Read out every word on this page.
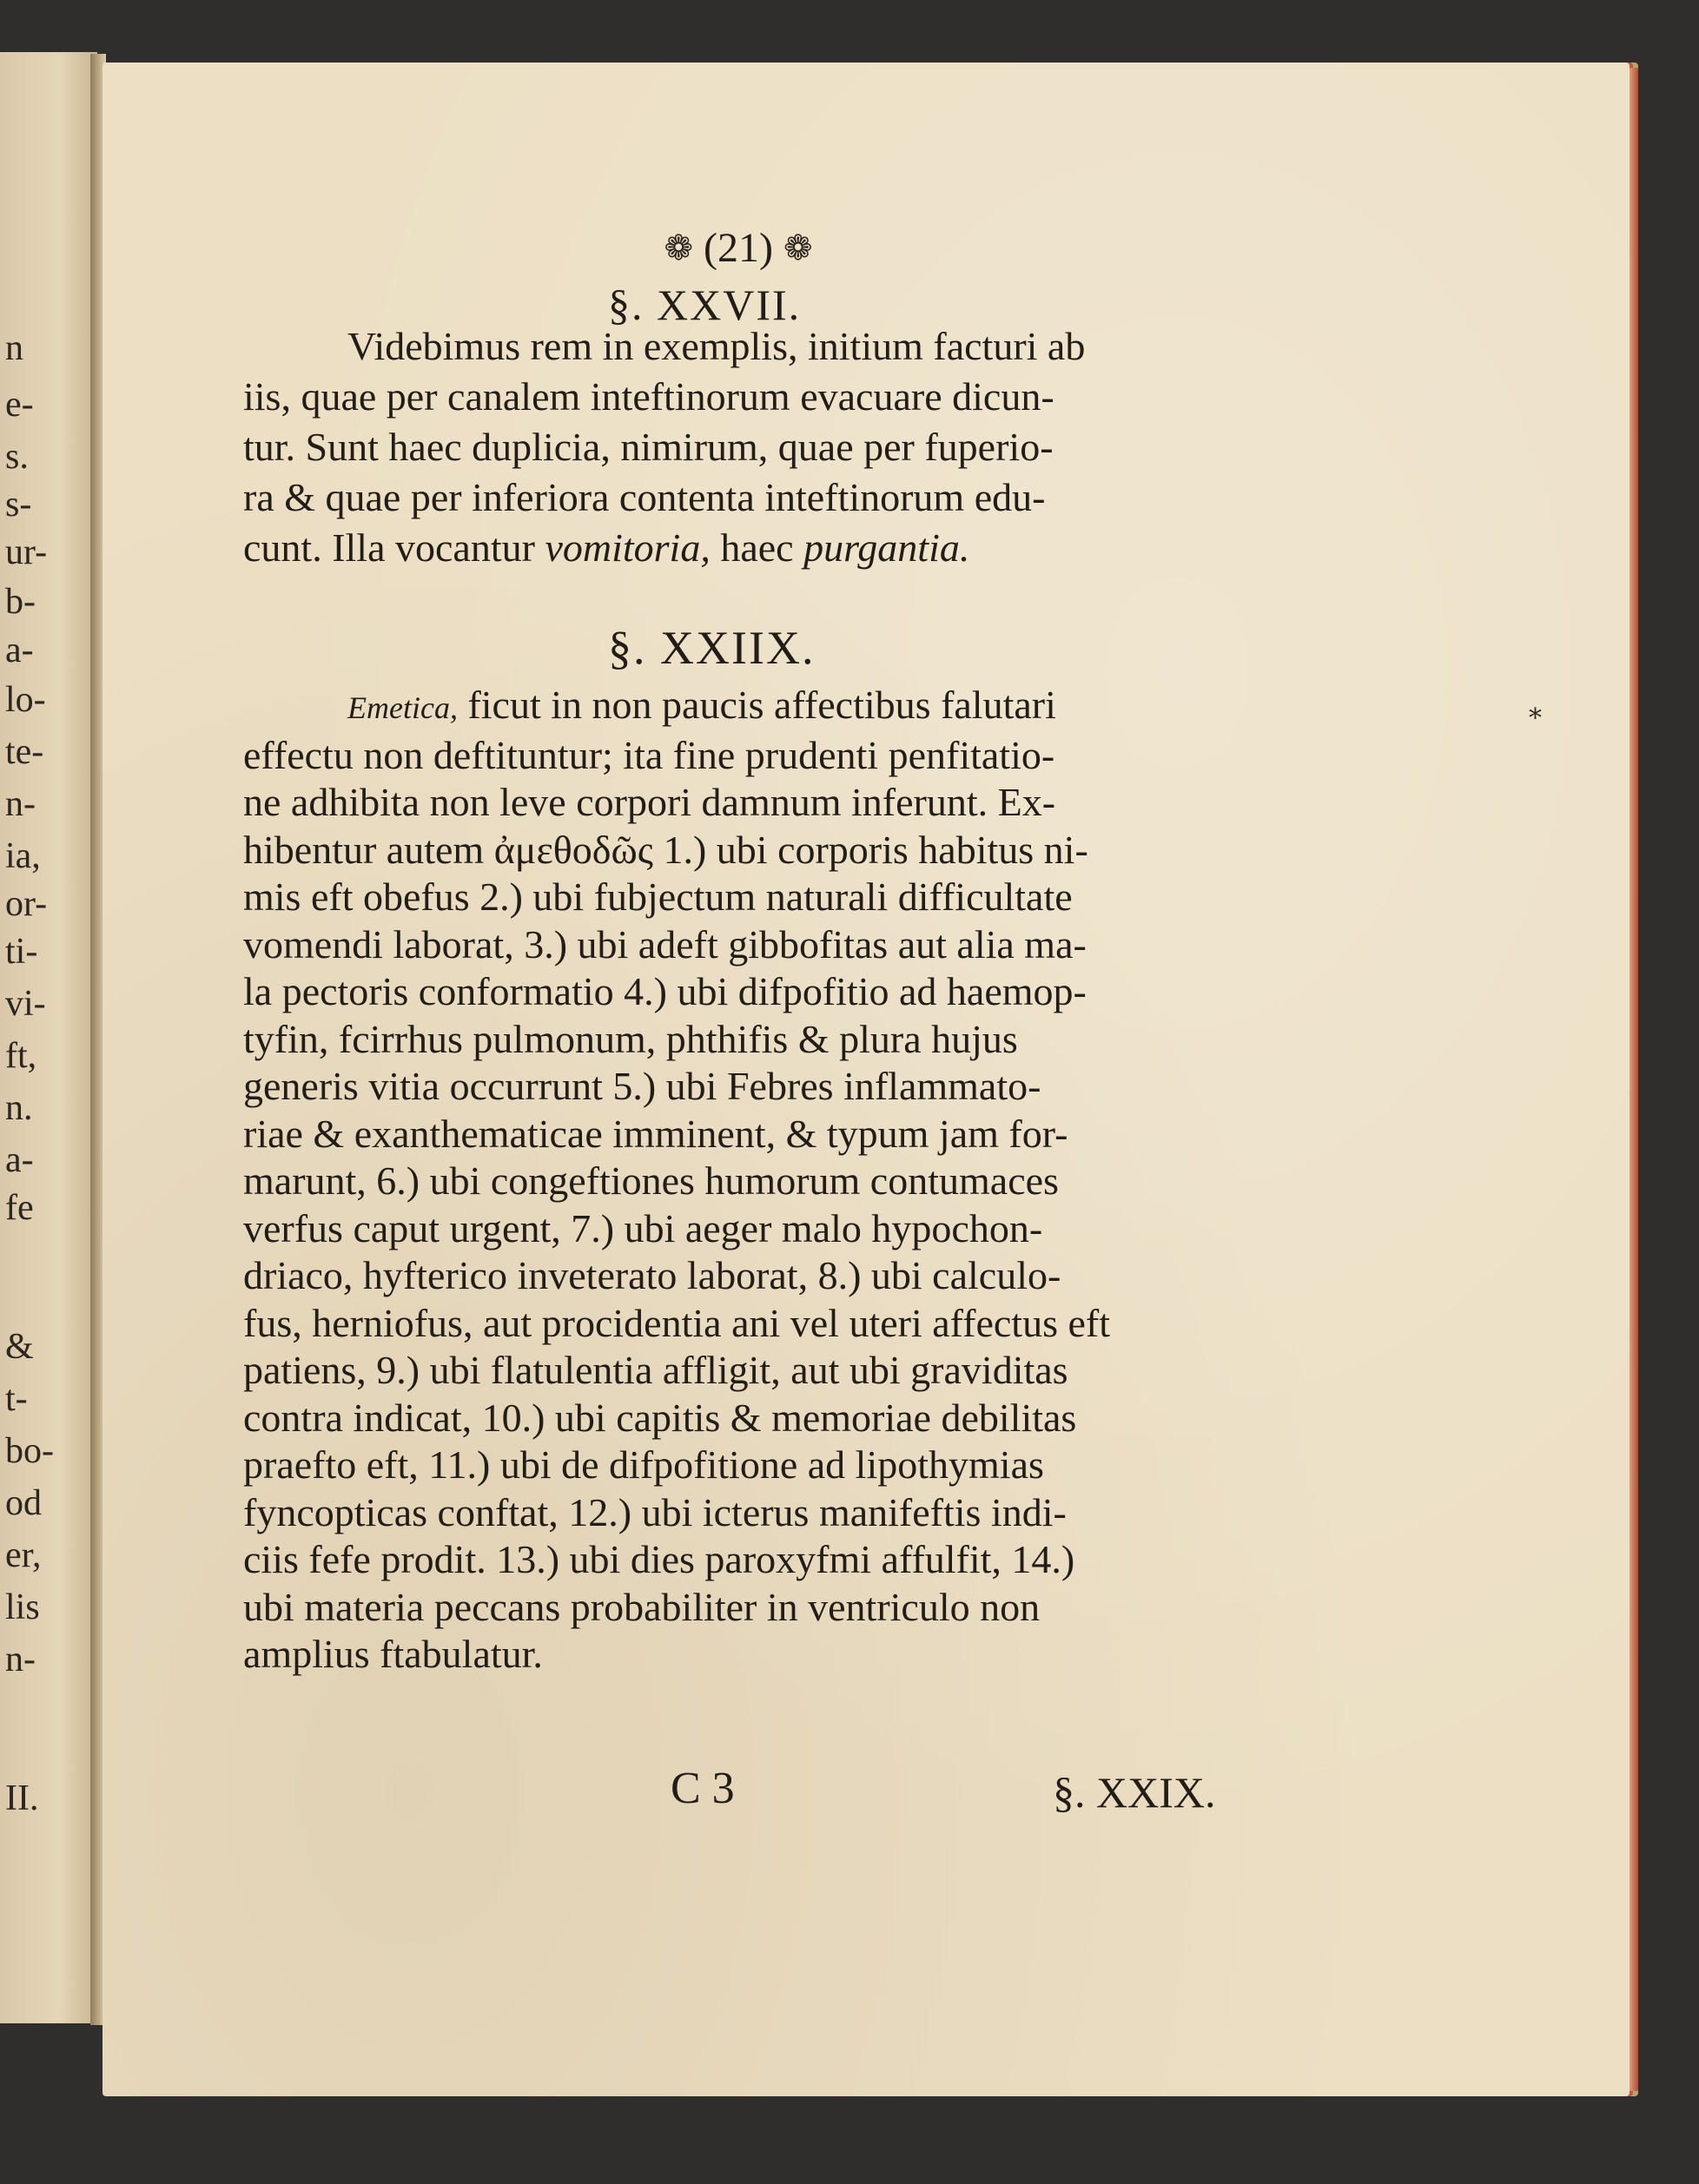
n
e-
s.
s-
ur-
b-
a-
lo-
te-
n-
ia,
or-
ti-
vi-
ft,
n.
a-
fe
&
t-
bo-
od
er,
lis
n-
II.
❁ (21) ❁
§. XXVII.
Videbimus rem in exemplis, initium facturi ab
iis, quae per canalem inteftinorum evacuare dicun-
tur. Sunt haec duplicia, nimirum, quae per fuperio-
ra & quae per inferiora contenta inteftinorum edu-
cunt. Illa vocantur vomitoria, haec purgantia.
§. XXIIX.
Emetica, ficut in non paucis affectibus falutari
effectu non deftituntur; ita fine prudenti penfitatio-
ne adhibita non leve corpori damnum inferunt. Ex-
hibentur autem ἀμεθοδῶς 1.) ubi corporis habitus ni-
mis eft obefus 2.) ubi fubjectum naturali difficultate
vomendi laborat, 3.) ubi adeft gibbofitas aut alia ma-
la pectoris conformatio 4.) ubi difpofitio ad haemop-
tyfin, fcirrhus pulmonum, phthifis & plura hujus
generis vitia occurrunt 5.) ubi Febres inflammato-
riae & exanthematicae imminent, & typum jam for-
marunt, 6.) ubi congeftiones humorum contumaces
verfus caput urgent, 7.) ubi aeger malo hypochon-
driaco, hyfterico inveterato laborat, 8.) ubi calculo-
fus, herniofus, aut procidentia ani vel uteri affectus eft
patiens, 9.) ubi flatulentia affligit, aut ubi graviditas
contra indicat, 10.) ubi capitis & memoriae debilitas
praefto eft, 11.) ubi de difpofitione ad lipothymias
fyncopticas conftat, 12.) ubi icterus manifeftis indi-
ciis fefe prodit. 13.) ubi dies paroxyfmi affulfit, 14.)
ubi materia peccans probabiliter in ventriculo non
amplius ftabulatur.
C 3	§. XXIX.
⁎
